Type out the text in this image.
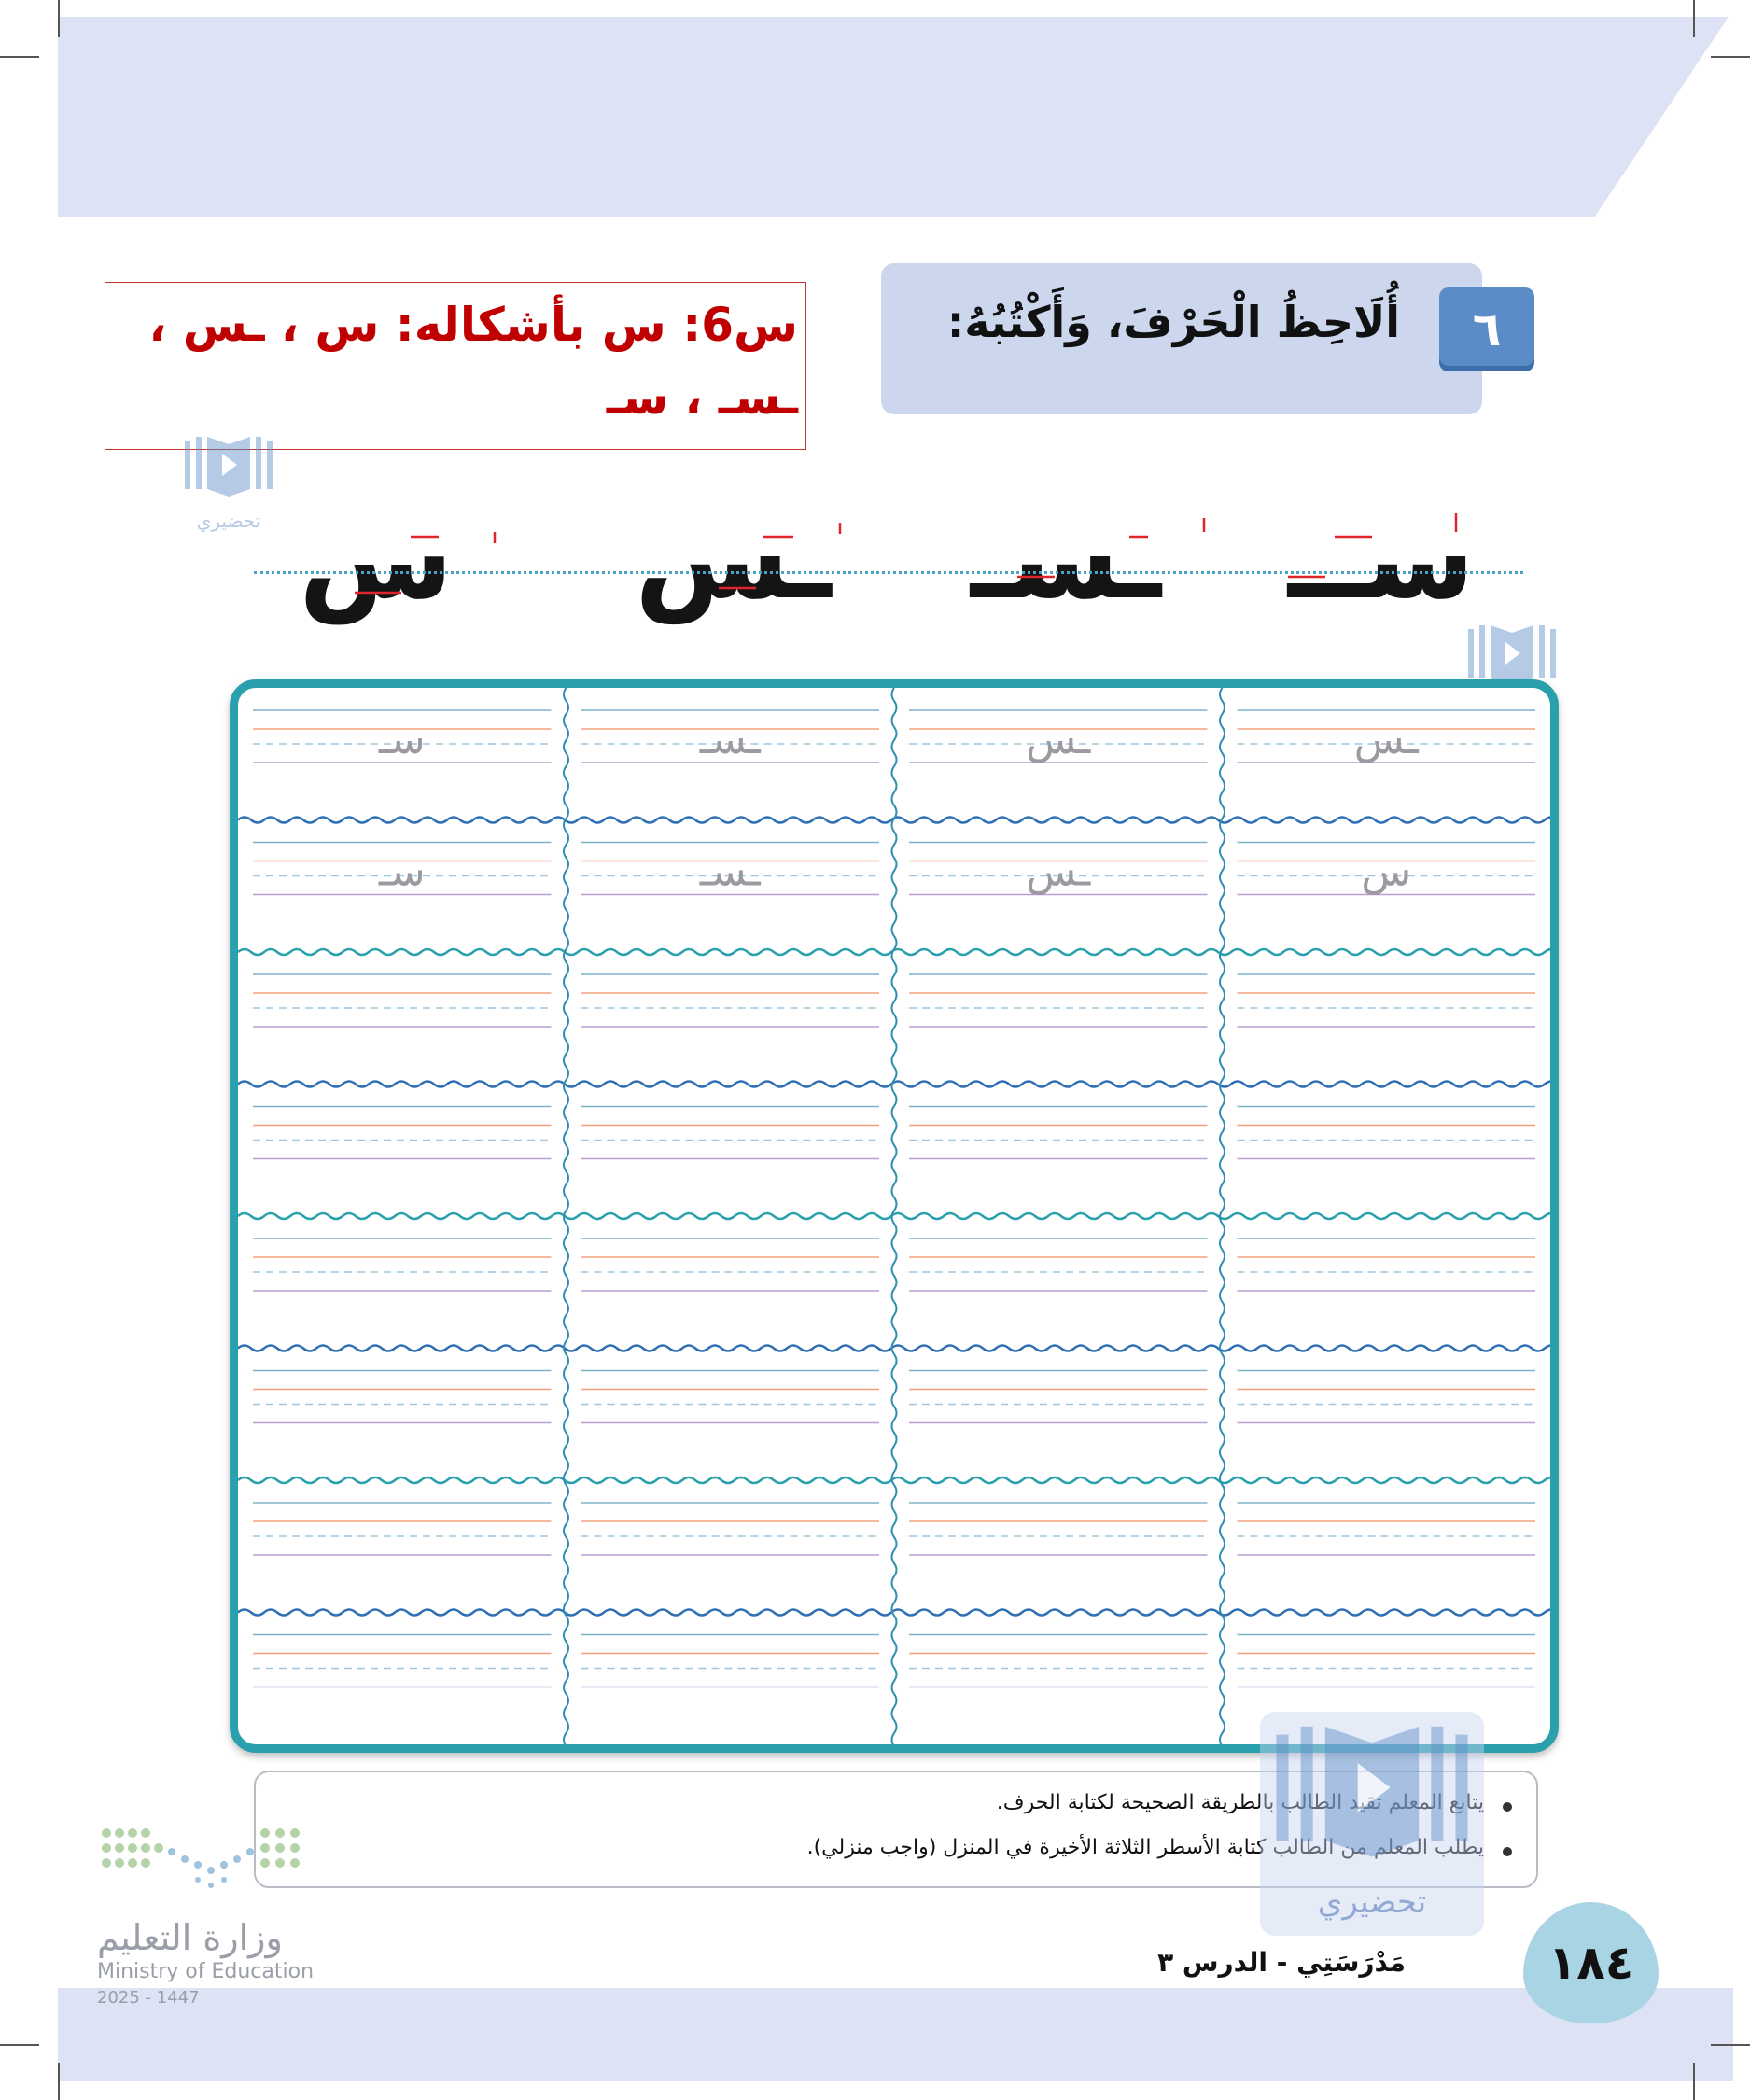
س6: س بأشكاله: س ، ـس ، ـسـ ، سـ
٦
أُلَاحِظُ الْحَرْفَ، وَأَكْتُبُهُ:
تحضيري	ســ
ـسـ
ـس
س
ـس
ـس
ـسـ
سـ
س
ـس
ـسـ
سـ
يتابع المعلم تقيد الطالب بالطريقة الصحيحة لكتابة الحرف.
يطلب المعلم من الطالب كتابة الأسطر الثلاثة الأخيرة في المنزل (واجب منزلي).
تحضيري
وزارة التعليم
Ministry of Education
2025 - 1447
مَدْرَسَتِي - الدرس ٣	١٨٤
